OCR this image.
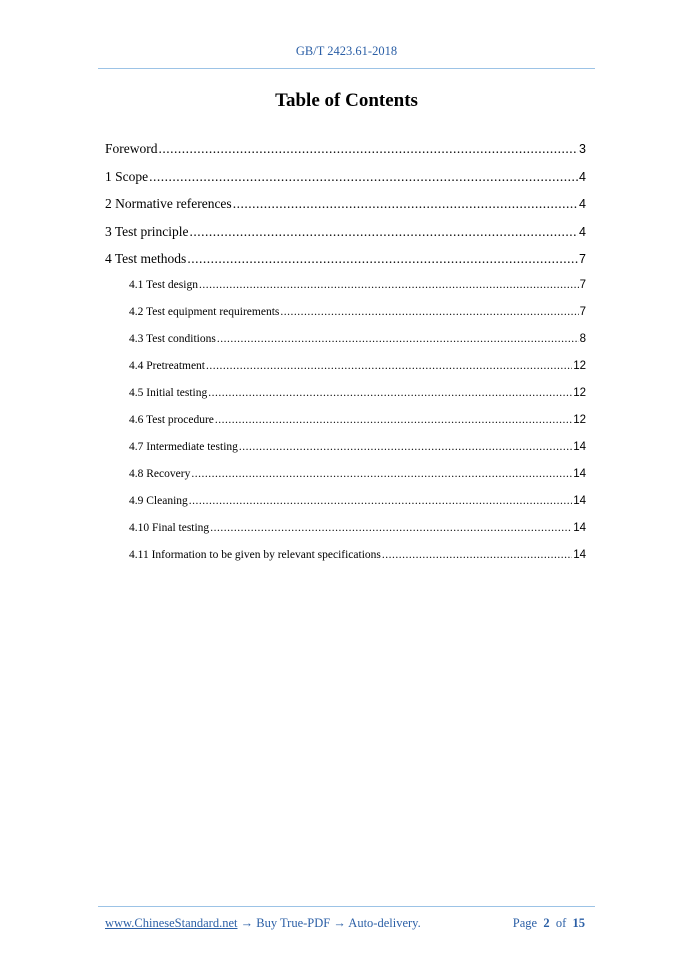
GB/T 2423.61-2018
Table of Contents
Foreword .....	3
1 Scope .....	4
2 Normative references .....	4
3 Test principle .....	4
4 Test methods .....	7
4.1 Test design .....	7
4.2 Test equipment requirements .....	7
4.3 Test conditions .....	8
4.4 Pretreatment .....	12
4.5 Initial testing .....	12
4.6 Test procedure .....	12
4.7 Intermediate testing .....	14
4.8 Recovery .....	14
4.9 Cleaning .....	14
4.10 Final testing .....	14
4.11 Information to be given by relevant specifications .....	14
www.ChineseStandard.net → Buy True-PDF → Auto-delivery.	Page 2 of 15
